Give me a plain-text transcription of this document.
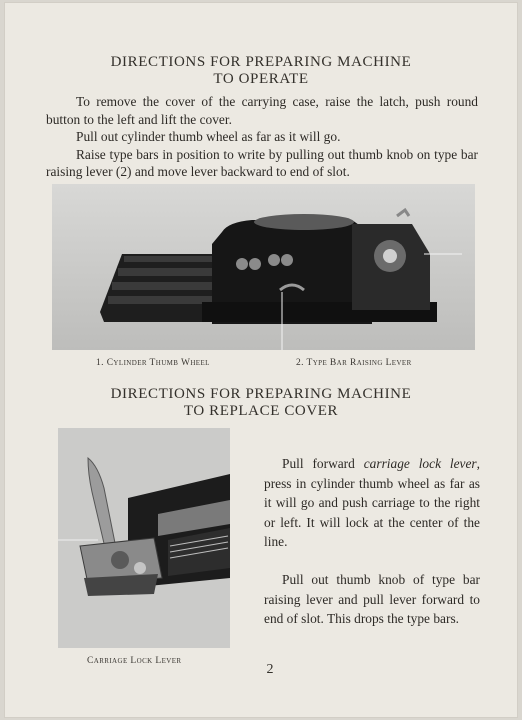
DIRECTIONS FOR PREPARING MACHINE
TO OPERATE

To remove the cover of the carrying case, raise the latch, push round button to the left and lift the cover.

Pull out cylinder thumb wheel as far as it will go.

Raise type bars in position to write by pulling out thumb knob on type bar raising lever (2) and move lever backward to end of slot.

1. Cylinder Thumb Wheel	2. Type Bar Raising Lever
DIRECTIONS FOR PREPARING MACHINE
TO REPLACE COVER
Carriage Lock Lever

Pull forward carriage lock lever, press in cylinder thumb wheel as far as it will go and push carriage to the right or left. It will lock at the center of the line.

Pull out thumb knob of type bar raising lever and pull lever forward to end of slot. This drops the type bars.

2
